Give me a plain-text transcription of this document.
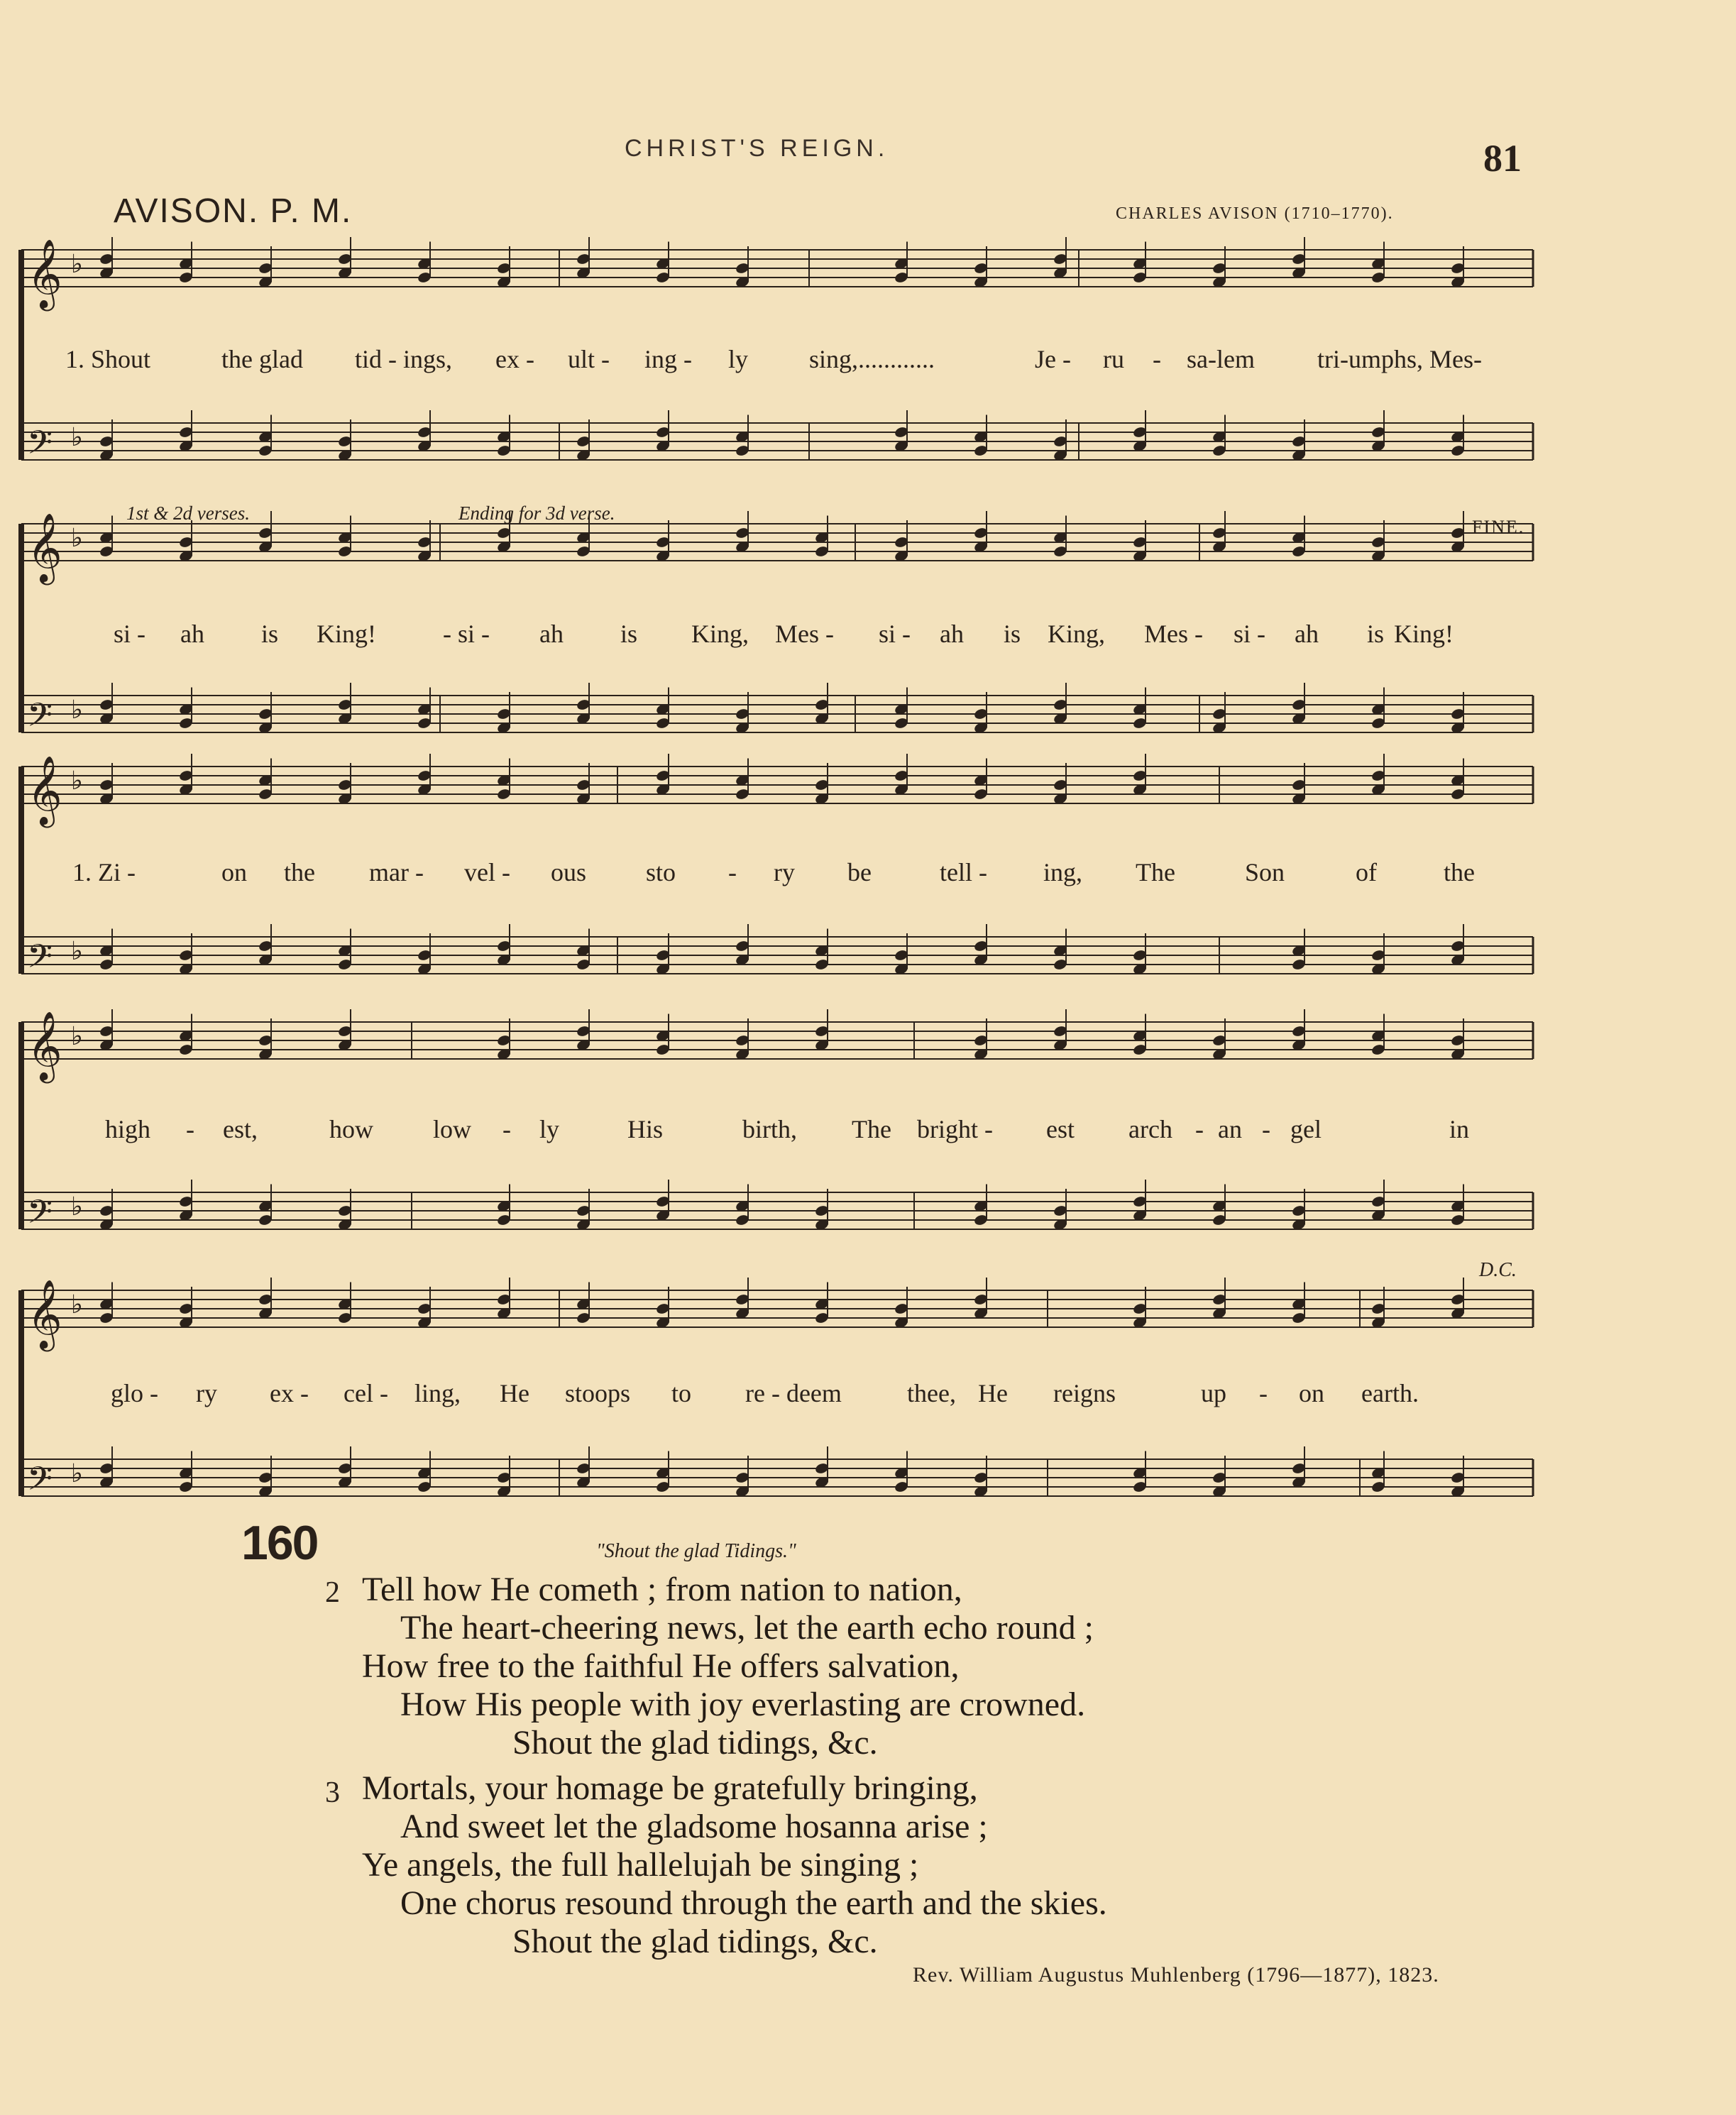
CHRIST'S REIGN.	81
AVISON. P. M.	CHARLES AVISON (1710–1770).
𝄞 ♭
𝄢 ♭
𝄞 ♭
𝄢 ♭
𝄞 ♭
𝄢 ♭
𝄞 ♭
𝄢 ♭
𝄞 ♭
𝄢 ♭
1. Shout	the glad tid - ings, ex - ult - ing - ly sing,............	Je - ru - sa-lem tri-umphs, Mes-
1st & 2d verses.	Ending for 3d verse.
FINE.
si - ah is King!	- si - ah is King, Mes - si - ah is King, Mes - si - ah is King!
1. Zi -	on the mar - vel - ous sto - ry be	tell - ing, The	Son	of	the
high - est,	how low - ly	His	birth, The bright - est arch - an - gel	in
D.C.
glo - ry ex - cel - ling, He stoops to re - deem	thee, He reigns	up - on earth.
160	"Shout the glad Tidings."
2 Tell how He cometh ; from nation to nation,
The heart-cheering news, let the earth echo round ;
How free to the faithful He offers salvation,
How His people with joy everlasting are crowned.
Shout the glad tidings, &c.
3 Mortals, your homage be gratefully bringing,
And sweet let the gladsome hosanna arise ;
Ye angels, the full hallelujah be singing ;
One chorus resound through the earth and the skies.
Shout the glad tidings, &c.
Rev. William Augustus Muhlenberg (1796—1877), 1823.
